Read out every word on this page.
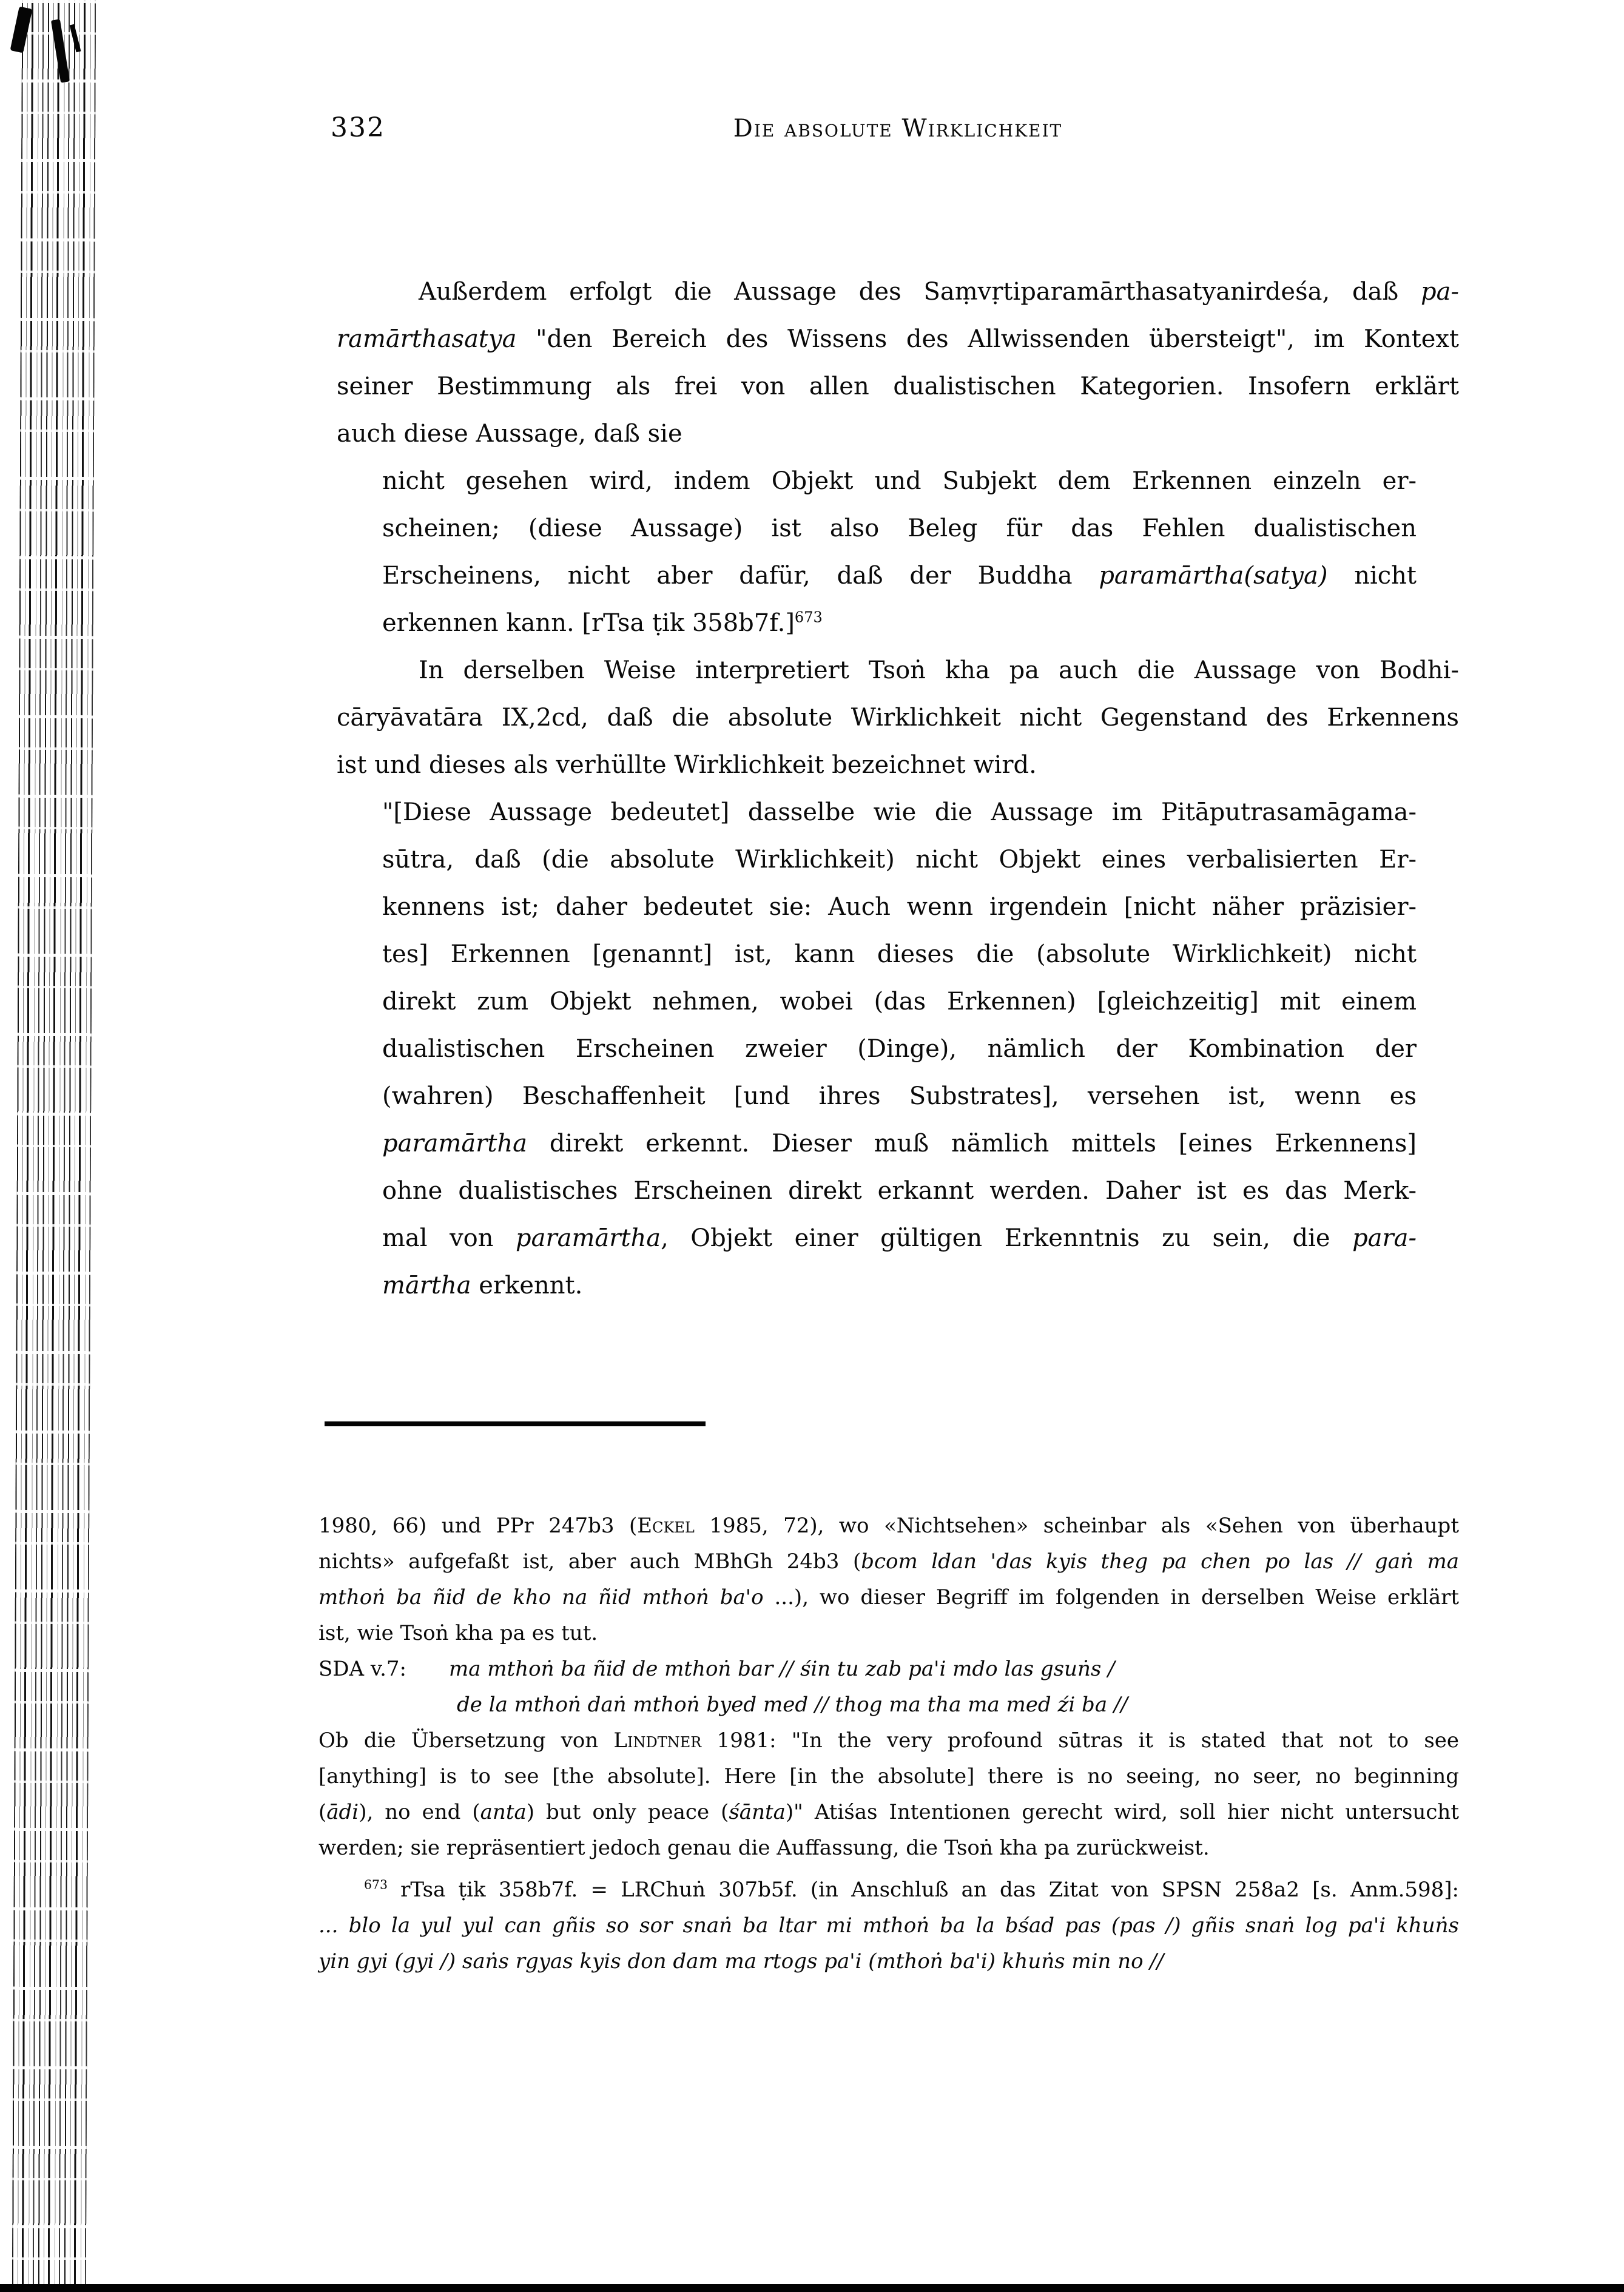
332	Die absolute Wirklichkeit
Außerdem erfolgt die Aussage des Saṃvṛtiparamārthasatyanirdeśa, daß pa-
ramārthasatya "den Bereich des Wissens des Allwissenden übersteigt", im Kontext
seiner Bestimmung als frei von allen dualistischen Kategorien. Insofern erklärt
auch diese Aussage, daß sie
nicht gesehen wird, indem Objekt und Subjekt dem Erkennen einzeln er-
scheinen; (diese Aussage) ist also Beleg für das Fehlen dualistischen
Erscheinens, nicht aber dafür, daß der Buddha paramārtha(satya) nicht
erkennen kann. [rTsa ṭik 358b7f.]$^{673}$
In derselben Weise interpretiert Tsoṅ kha pa auch die Aussage von Bodhi-
cāryāvatāra IX,2cd, daß die absolute Wirklichkeit nicht Gegenstand des Erkennens
ist und dieses als verhüllte Wirklichkeit bezeichnet wird.
"[Diese Aussage bedeutet] dasselbe wie die Aussage im Pitāputrasamāgama-
sūtra, daß (die absolute Wirklichkeit) nicht Objekt eines verbalisierten Er-
kennens ist; daher bedeutet sie: Auch wenn irgendein [nicht näher präzisier-
tes] Erkennen [genannt] ist, kann dieses die (absolute Wirklichkeit) nicht
direkt zum Objekt nehmen, wobei (das Erkennen) [gleichzeitig] mit einem
dualistischen Erscheinen zweier (Dinge), nämlich der Kombination der
(wahren) Beschaffenheit [und ihres Substrates], versehen ist, wenn es
paramārtha direkt erkennt. Dieser muß nämlich mittels [eines Erkennens]
ohne dualistisches Erscheinen direkt erkannt werden. Daher ist es das Merk-
mal von paramārtha, Objekt einer gültigen Erkenntnis zu sein, die para-
mārtha erkennt.
1980, 66) und PPr 247b3 (Eckel 1985, 72), wo «Nichtsehen» scheinbar als «Sehen von überhaupt
nichts» aufgefaßt ist, aber auch MBhGh 24b3 (bcom ldan 'das kyis theg pa chen po las // gaṅ ma
mthoṅ ba ñid de kho na ñid mthoṅ ba'o ...), wo dieser Begriff im folgenden in derselben Weise erklärt
ist, wie Tsoṅ kha pa es tut.
SDA v.7: ma mthoṅ ba ñid de mthoṅ bar // śin tu zab pa'i mdo las gsuṅs /
de la mthoṅ daṅ mthoṅ byed med // thog ma tha ma med źi ba //
Ob die Übersetzung von Lindtner 1981: "In the very profound sūtras it is stated that not to see
[anything] is to see [the absolute]. Here [in the absolute] there is no seeing, no seer, no beginning
(ādi), no end (anta) but only peace (śānta)" Atiśas Intentionen gerecht wird, soll hier nicht untersucht
werden; sie repräsentiert jedoch genau die Auffassung, die Tsoṅ kha pa zurückweist.
$^{673}$ rTsa ṭik 358b7f. = LRChuṅ 307b5f. (in Anschluß an das Zitat von SPSN 258a2 [s. Anm.598]:
... blo la yul yul can gñis so sor snaṅ ba ltar mi mthoṅ ba la bśad pas (pas /) gñis snaṅ log pa'i khuṅs
yin gyi (gyi /) saṅs rgyas kyis don dam ma rtogs pa'i (mthoṅ ba'i) khuṅs min no //
